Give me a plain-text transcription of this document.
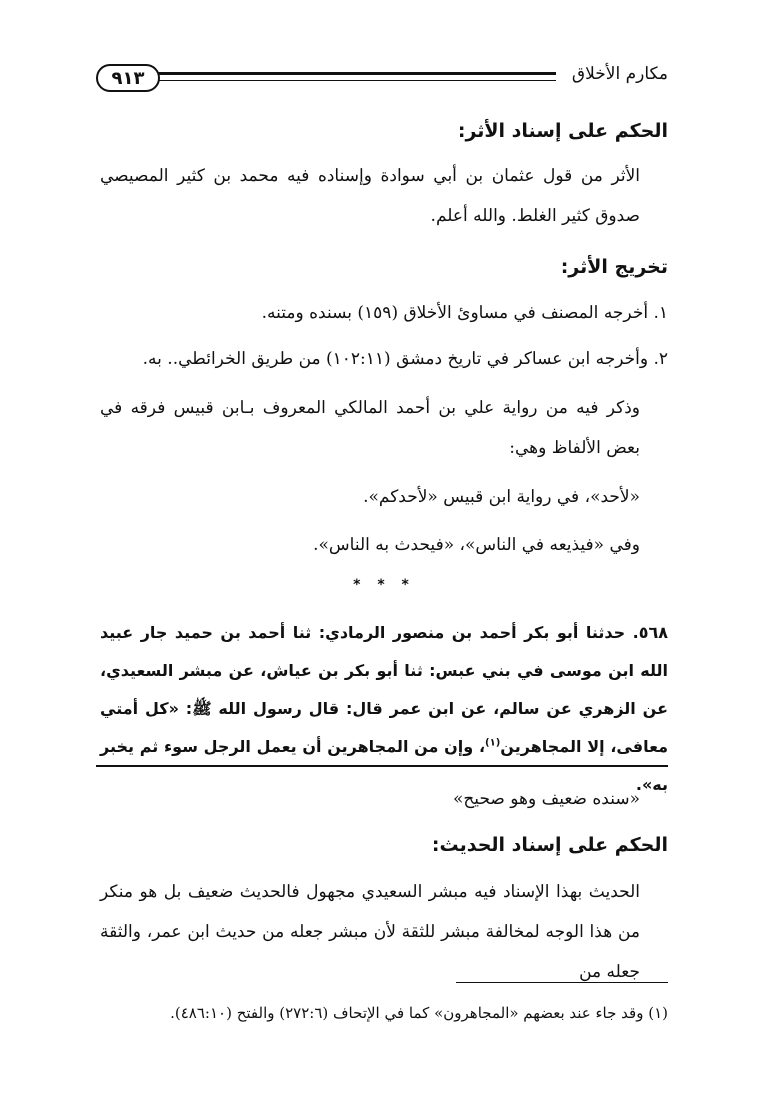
٩١٣	مكارم الأخلاق
الحكم على إسناد الأثر:
الأثر من قول عثمان بن أبي سوادة وإسناده فيه محمد بن كثير المصيصي صدوق كثير الغلط. والله أعلم.
تخريج الأثر:
١. أخرجه المصنف في مساوئ الأخلاق (١٥٩) بسنده ومتنه.
٢. وأخرجه ابن عساكر في تاريخ دمشق (١٠٢:١١) من طريق الخرائطي.. به.
وذكر فيه من رواية علي بن أحمد المالكي المعروف بـابن قبيس فرقه في بعض الألفاظ وهي:
«لأحد»، في رواية ابن قبيس «لأحدكم».
وفي «فيذيعه في الناس»، «فيحدث به الناس».
* * *
٥٦٨. حدثنا أبو بكر أحمد بن منصور الرمادي: ثنا أحمد بن حميد جار عبيد الله ابن موسى في بني عبس: ثنا أبو بكر بن عياش، عن مبشر السعيدي، عن الزهري عن سالم، عن ابن عمر قال: قال رسول الله ﷺ: «كل أمتي معافى، إلا المجاهرين$^{(١)}$، وإن من المجاهرين أن يعمل الرجل سوء ثم يخبر به».
«سنده ضعيف وهو صحيح»
الحكم على إسناد الحديث:
الحديث بهذا الإسناد فيه مبشر السعيدي مجهول فالحديث ضعيف بل هو منكر من هذا الوجه لمخالفة مبشر للثقة لأن مبشر جعله من حديث ابن عمر، والثقة جعله من
(١) وقد جاء عند بعضهم «المجاهرون» كما في الإتحاف (٢٧٢:٦) والفتح (٤٨٦:١٠).
